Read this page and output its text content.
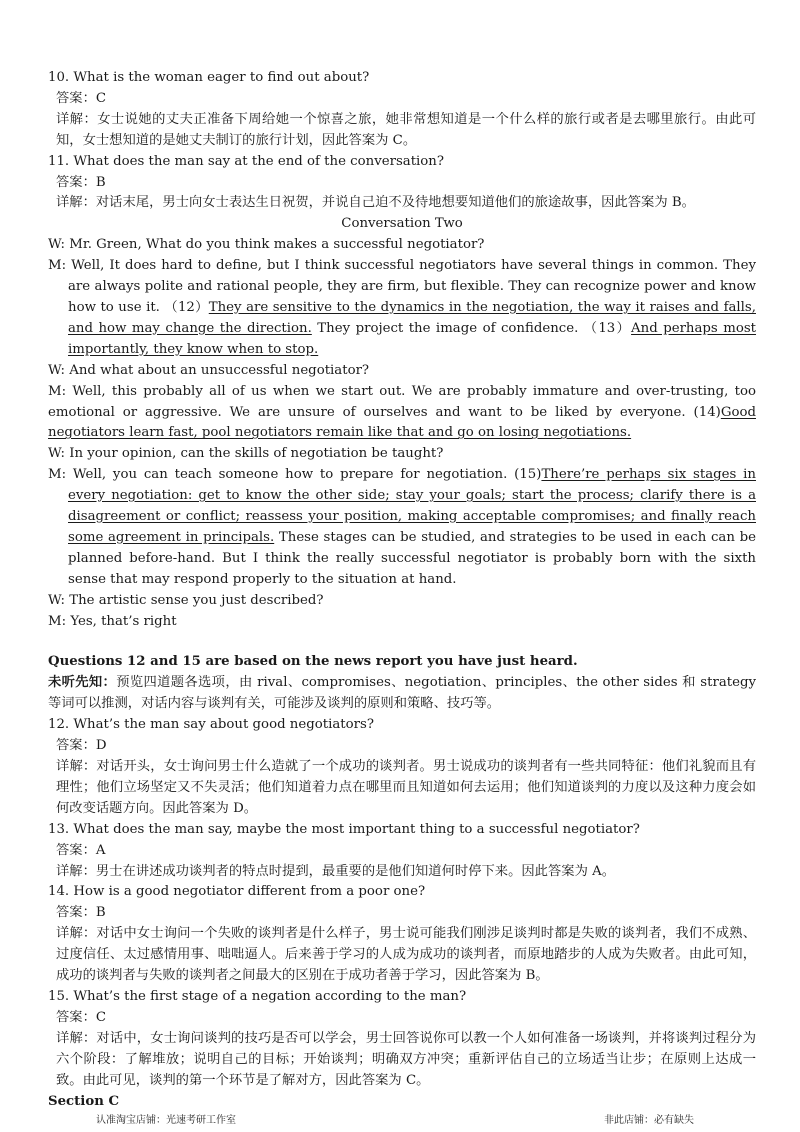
10. What is the woman eager to find out about?

答案：C

详解：女士说她的丈夫正准备下周给她一个惊喜之旅，她非常想知道是一个什么样的旅行或者是去哪里旅行。由此可知，女士想知道的是她丈夫制订的旅行计划，因此答案为 C。

11. What does the man say at the end of the conversation?

答案：B

详解：对话末尾，男士向女士表达生日祝贺，并说自己迫不及待地想要知道他们的旅途故事，因此答案为 B。

Conversation Two

W: Mr. Green, What do you think makes a successful negotiator?

M: Well, It does hard to define, but I think successful negotiators have several things in common. They are always polite and rational people, they are firm, but flexible. They can recognize power and know how to use it. （12）They are sensitive to the dynamics in the negotiation, the way it raises and falls, and how may change the direction. They project the image of confidence. （13）And perhaps most importantly, they know when to stop.

W: And what about an unsuccessful negotiator?

M: Well, this probably all of us when we start out. We are probably immature and over-trusting, too emotional or aggressive. We are unsure of ourselves and want to be liked by everyone. (14)Good negotiators learn fast, pool negotiators remain like that and go on losing negotiations.

W: In your opinion, can the skills of negotiation be taught?

M: Well, you can teach someone how to prepare for negotiation. (15)There’re perhaps six stages in every negotiation: get to know the other side; stay your goals; start the process; clarify there is a disagreement or conflict; reassess your position, making acceptable compromises; and finally reach some agreement in principals. These stages can be studied, and strategies to be used in each can be planned before-hand. But I think the really successful negotiator is probably born with the sixth sense that may respond properly to the situation at hand.

W: The artistic sense you just described?

M: Yes, that’s right

Questions 12 and 15 are based on the news report you have just heard.

未听先知：预览四道题各选项，由 rival、compromises、negotiation、principles、the other sides 和 strategy 等词可以推测，对话内容与谈判有关，可能涉及谈判的原则和策略、技巧等。

12. What’s the man say about good negotiators?

答案：D

详解：对话开头，女士询问男士什么造就了一个成功的谈判者。男士说成功的谈判者有一些共同特征：他们礼貌而且有理性；他们立场坚定又不失灵活；他们知道着力点在哪里而且知道如何去运用；他们知道谈判的力度以及这种力度会如何改变话题方向。因此答案为 D。

13. What does the man say, maybe the most important thing to a successful negotiator?

答案：A

详解：男士在讲述成功谈判者的特点时提到，最重要的是他们知道何时停下来。因此答案为 A。

14. How is a good negotiator different from a poor one?

答案：B

详解：对话中女士询问一个失败的谈判者是什么样子，男士说可能我们刚涉足谈判时都是失败的谈判者，我们不成熟、过度信任、太过感情用事、咄咄逼人。后来善于学习的人成为成功的谈判者，而原地踏步的人成为失败者。由此可知，成功的谈判者与失败的谈判者之间最大的区别在于成功者善于学习，因此答案为 B。

15. What’s the first stage of a negation according to the man?

答案：C

详解：对话中，女士询问谈判的技巧是否可以学会，男士回答说你可以教一个人如何准备一场谈判，并将谈判过程分为六个阶段：了解堆放；说明自己的目标；开始谈判；明确双方冲突；重新评估自己的立场适当让步；在原则上达成一致。由此可见，谈判的第一个环节是了解对方，因此答案为 C。

Section C

认准淘宝店铺：光速考研工作室	非此店铺：必有缺失
